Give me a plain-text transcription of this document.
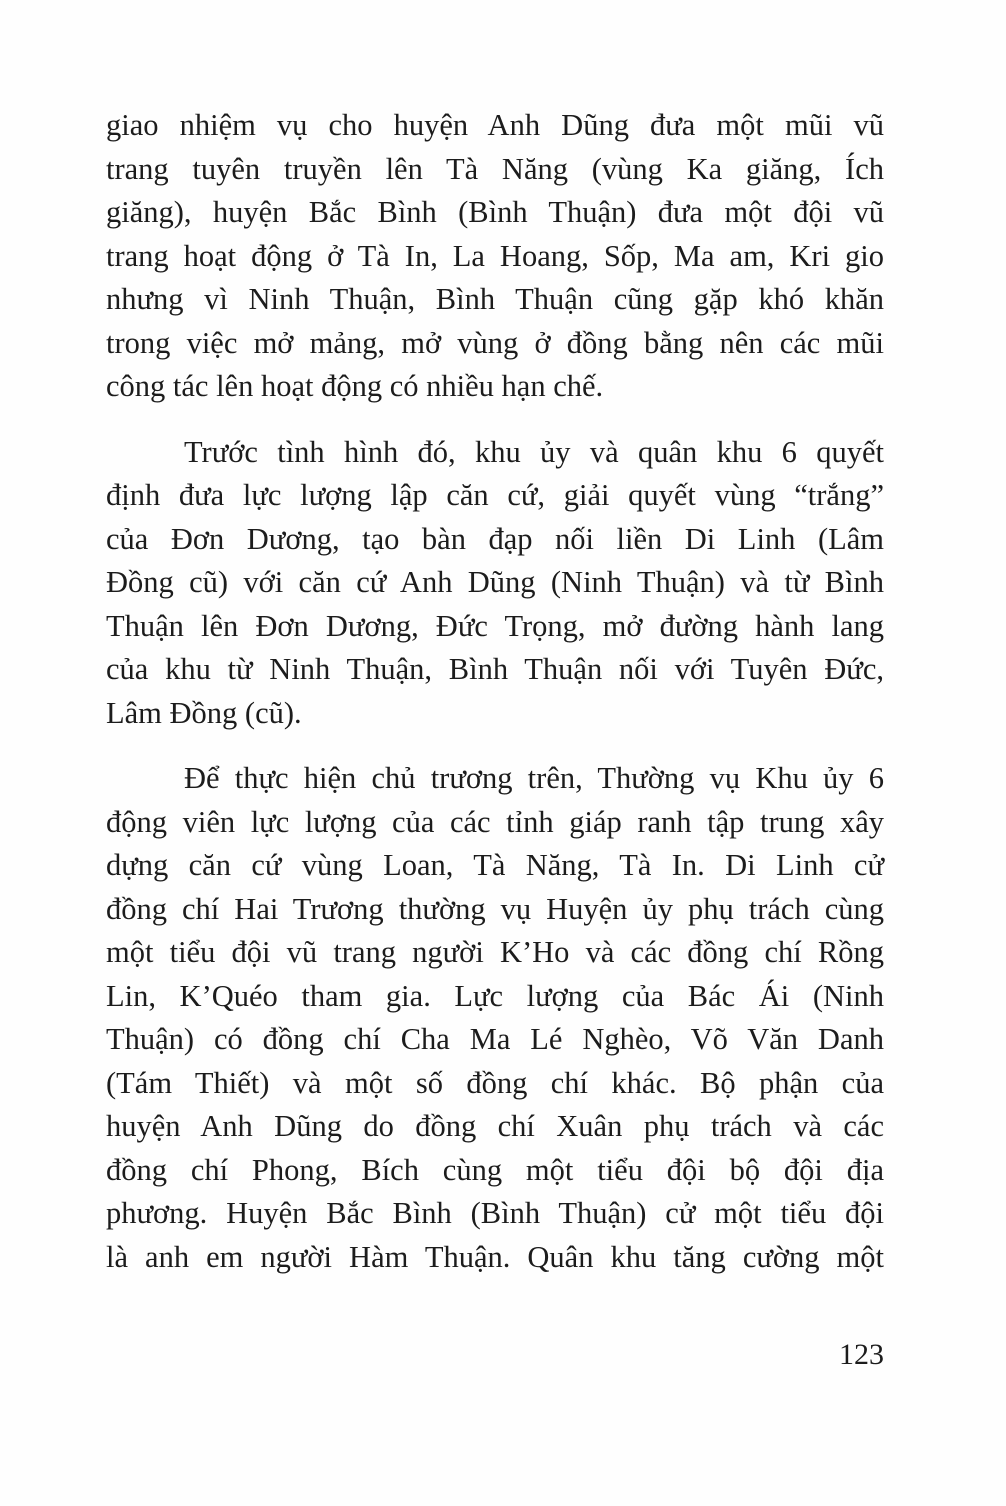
giao nhiệm vụ cho huyện Anh Dũng đưa một mũi vũ
trang tuyên truyền lên Tà Năng (vùng Ka giăng, Ích
giăng), huyện Bắc Bình (Bình Thuận) đưa một đội vũ
trang hoạt động ở Tà In, La Hoang, Sốp, Ma am, Kri gio
nhưng vì Ninh Thuận, Bình Thuận cũng gặp khó khăn
trong việc mở mảng, mở vùng ở đồng bằng nên các mũi
công tác lên hoạt động có nhiều hạn chế.
Trước tình hình đó, khu ủy và quân khu 6 quyết
định đưa lực lượng lập căn cứ, giải quyết vùng “trắng”
của Đơn Dương, tạo bàn đạp nối liền Di Linh (Lâm
Đồng cũ) với căn cứ Anh Dũng (Ninh Thuận) và từ Bình
Thuận lên Đơn Dương, Đức Trọng, mở đường hành lang
của khu từ Ninh Thuận, Bình Thuận nối với Tuyên Đức,
Lâm Đồng (cũ).
Để thực hiện chủ trương trên, Thường vụ Khu ủy 6
động viên lực lượng của các tỉnh giáp ranh tập trung xây
dựng căn cứ vùng Loan, Tà Năng, Tà In. Di Linh cử
đồng chí Hai Trương thường vụ Huyện ủy phụ trách cùng
một tiểu đội vũ trang người K’Ho và các đồng chí Rồng
Lin, K’Quéo tham gia. Lực lượng của Bác Ái (Ninh
Thuận) có đồng chí Cha Ma Lé Nghèo, Võ Văn Danh
(Tám Thiết) và một số đồng chí khác. Bộ phận của
huyện Anh Dũng do đồng chí Xuân phụ trách và các
đồng chí Phong, Bích cùng một tiểu đội bộ đội địa
phương. Huyện Bắc Bình (Bình Thuận) cử một tiểu đội
là anh em người Hàm Thuận. Quân khu tăng cường một
123
